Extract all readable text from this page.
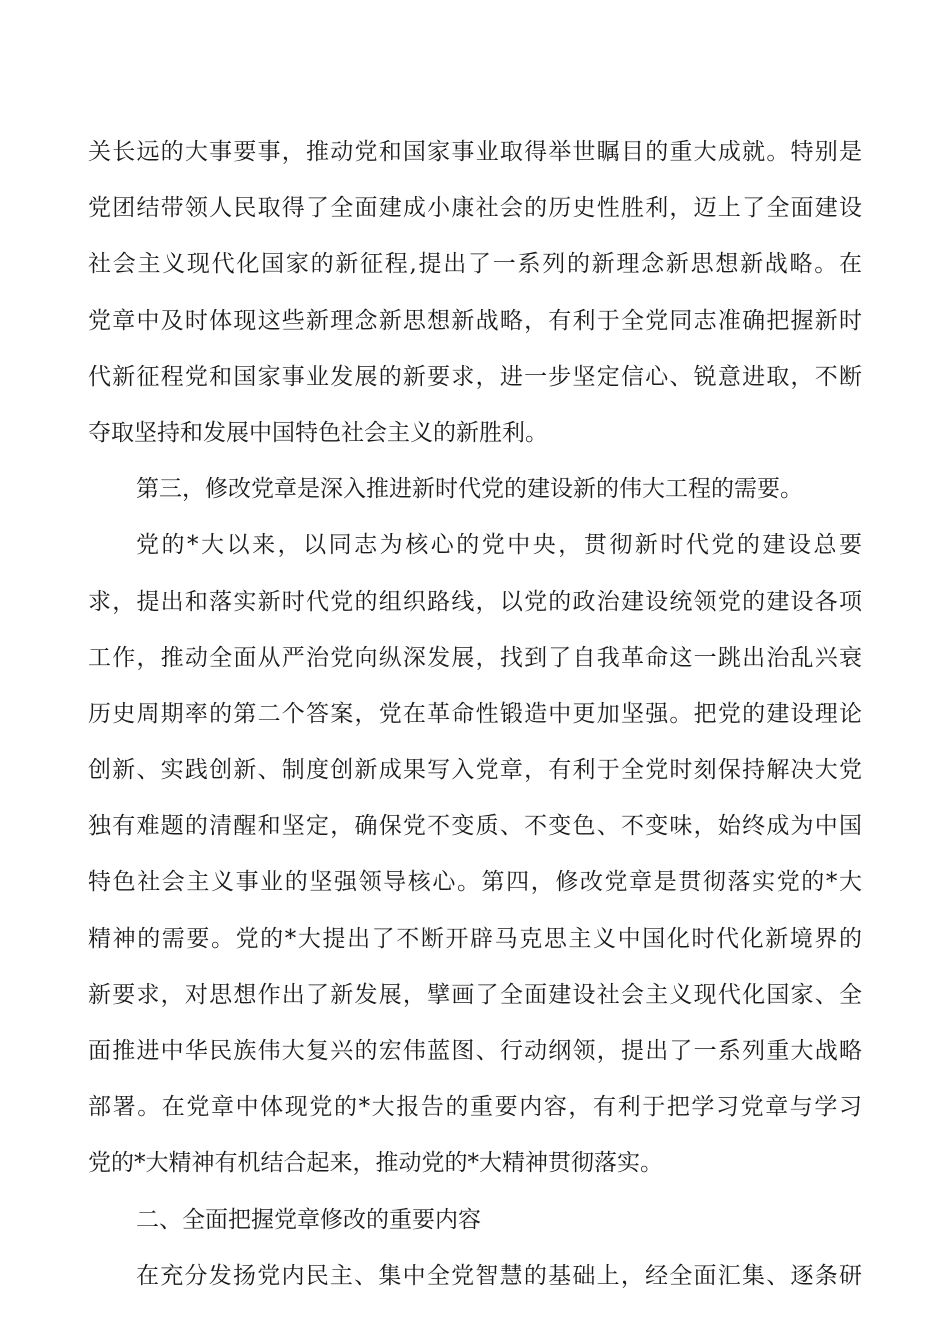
关长远的大事要事，推动党和国家事业取得举世瞩目的重大成就。特别是
党团结带领人民取得了全面建成小康社会的历史性胜利，迈上了全面建设
社会主义现代化国家的新征程,提出了一系列的新理念新思想新战略。在
党章中及时体现这些新理念新思想新战略，有利于全党同志准确把握新时
代新征程党和国家事业发展的新要求，进一步坚定信心、锐意进取，不断
夺取坚持和发展中国特色社会主义的新胜利。
第三，修改党章是深入推进新时代党的建设新的伟大工程的需要。
党的*大以来，以同志为核心的党中央，贯彻新时代党的建设总要
求，提出和落实新时代党的组织路线，以党的政治建设统领党的建设各项
工作，推动全面从严治党向纵深发展，找到了自我革命这一跳出治乱兴衰
历史周期率的第二个答案，党在革命性锻造中更加坚强。把党的建设理论
创新、实践创新、制度创新成果写入党章，有利于全党时刻保持解决大党
独有难题的清醒和坚定，确保党不变质、不变色、不变味，始终成为中国
特色社会主义事业的坚强领导核心。第四，修改党章是贯彻落实党的*大
精神的需要。党的*大提出了不断开辟马克思主义中国化时代化新境界的
新要求，对思想作出了新发展，擘画了全面建设社会主义现代化国家、全
面推进中华民族伟大复兴的宏伟蓝图、行动纲领，提出了一系列重大战略
部署。在党章中体现党的*大报告的重要内容，有利于把学习党章与学习
党的*大精神有机结合起来，推动党的*大精神贯彻落实。
二、全面把握党章修改的重要内容
在充分发扬党内民主、集中全党智慧的基础上，经全面汇集、逐条研
